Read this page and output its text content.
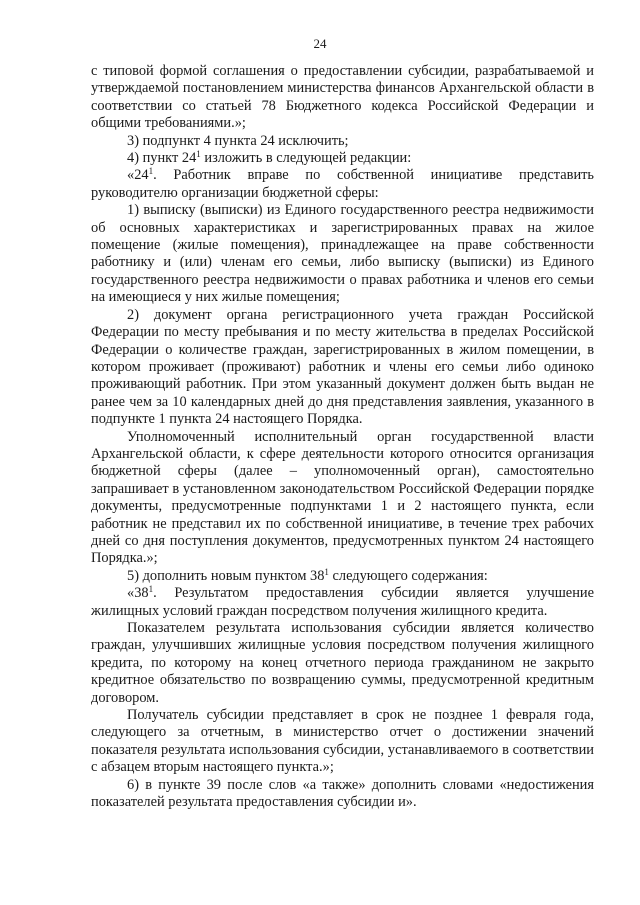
24

с типовой формой соглашения о предоставлении субсидии, разрабатываемой и утверждаемой постановлением министерства финансов Архангельской области в соответствии со статьей 78 Бюджетного кодекса Российской Федерации и общими требованиями.»;

3) подпункт 4 пункта 24 исключить;

4) пункт $24^1$ изложить в следующей редакции:

«$24^1$. Работник вправе по собственной инициативе представить руководителю организации бюджетной сферы:

1) выписку (выписки) из Единого государственного реестра недвижимости об основных характеристиках и зарегистрированных правах на жилое помещение (жилые помещения), принадлежащее на праве собственности работнику и (или) членам его семьи, либо выписку (выписки) из Единого государственного реестра недвижимости о правах работника и членов его семьи на имеющиеся у них жилые помещения;

2) документ органа регистрационного учета граждан Российской Федерации по месту пребывания и по месту жительства в пределах Российской Федерации о количестве граждан, зарегистрированных в жилом помещении, в котором проживает (проживают) работник и члены его семьи либо одиноко проживающий работник. При этом указанный документ должен быть выдан не ранее чем за 10 календарных дней до дня представления заявления, указанного в подпункте 1 пункта 24 настоящего Порядка.

Уполномоченный исполнительный орган государственной власти Архангельской области, к сфере деятельности которого относится организация бюджетной сферы (далее – уполномоченный орган), самостоятельно запрашивает в установленном законодательством Российской Федерации порядке документы, предусмотренные подпунктами 1 и 2 настоящего пункта, если работник не представил их по собственной инициативе, в течение трех рабочих дней со дня поступления документов, предусмотренных пунктом 24 настоящего Порядка.»;

5) дополнить новым пунктом $38^1$ следующего содержания:

«$38^1$. Результатом предоставления субсидии является улучшение жилищных условий граждан посредством получения жилищного кредита.

Показателем результата использования субсидии является количество граждан, улучшивших жилищные условия посредством получения жилищного кредита, по которому на конец отчетного периода гражданином не закрыто кредитное обязательство по возвращению суммы, предусмотренной кредитным договором.

Получатель субсидии представляет в срок не позднее 1 февраля года, следующего за отчетным, в министерство отчет о достижении значений показателя результата использования субсидии, устанавливаемого в соответствии с абзацем вторым настоящего пункта.»;

6) в пункте 39 после слов «а также» дополнить словами «недостижения показателей результата предоставления субсидии и».
